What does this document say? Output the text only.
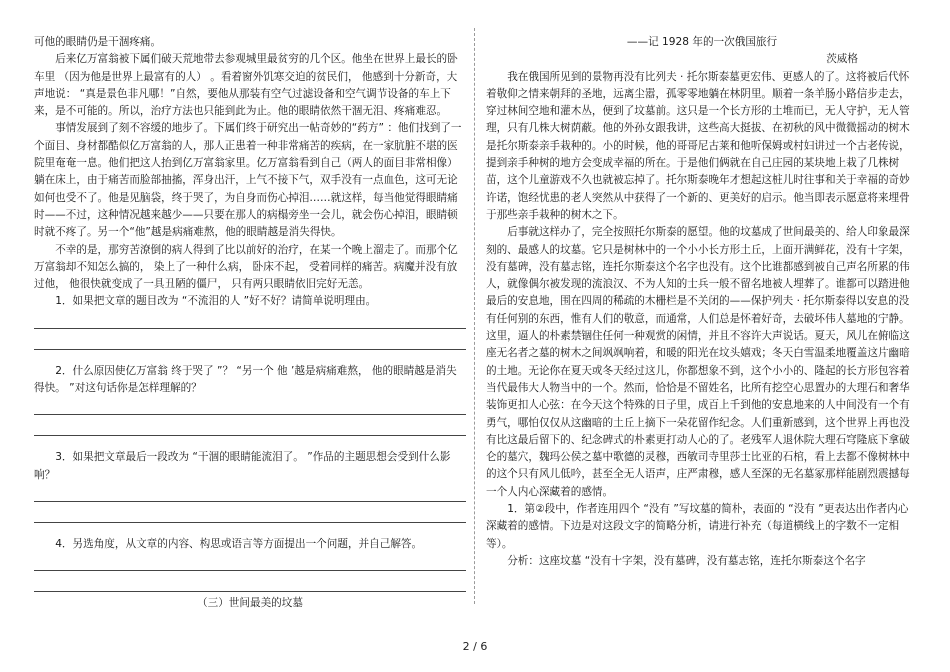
可他的眼睛仍是干涸疼痛。

后来亿万富翁被下属们破天荒地带去参观城里最贫穷的几个区。他坐在世界上最长的卧车里 （因为他是世界上最富有的人） 。看着窗外饥寒交迫的贫民们， 他感到十分新奇，大声地说： “真是景色非凡哪！”自然，要他从那装有空气过滤设备和空气调节设备的车上下来，是不可能的。所以，治疗方法也只能到此为止。他的眼睛依然干涸无泪、疼痛难忍。

事情发展到了刻不容缓的地步了。下属们终于研究出一帖奇妙的“药方” ：他们找到了一个面目、身材都酷似亿万富翁的人，那人正患着一种非常痛苦的疾病，在一家肮脏不堪的医院里奄奄一息。他们把这人抬到亿万富翁家里。亿万富翁看到自己（两人的面目非常相像）躺在床上，由于痛苦而脸部抽搐，浑身出汗，上气不接下气，双手没有一点血色，这可无论如何也受不了。他是见脑袋，终于哭了，为自身而伤心掉泪……就这样，每当他觉得眼睛痛时——不过，这种情况越来越少——只要在那人的病榻旁坐一会儿，就会伤心掉泪，眼睛顿时就不疼了。另一个“他”越是病痛难熬，他的眼睛越是消失得快。

不幸的是，那穷苦潦倒的病人得到了比以前好的治疗，在某一个晚上溜走了。而那个亿万富翁却不知怎么搞的， 染上了一种什么病， 卧床不起， 受着同样的痛苦。病魔并没有放过他， 他很快就变成了一具丑陋的僵尸， 只有两只眼睛依旧完好无恙。

1．如果把文章的题目改为 “不流泪的人 ”好不好？请简单说明理由。

2．什么原因使亿万富翁 终于哭了 ”？ “另一个 他 ’越是病痛难熬， 他的眼睛越是消失得快。 ”对这句话你是怎样理解的？

3．如果把文章最后一段改为 “干涸的眼睛能流泪了。 ”作品的主题思想会受到什么影响？

4．另选角度，从文章的内容、构思或语言等方面提出一个问题，并自己解答。

（三）世间最美的坟墓

——记 1928 年的一次俄国旅行

茨威格

我在俄国所见到的景物再没有比列夫 · 托尔斯泰墓更宏伟、更感人的了。这将被后代怀着敬仰之情来朝拜的圣地，远离尘嚣，孤零零地躺在林阴里。顺着一条羊肠小路信步走去，穿过林间空地和灌木丛，便到了坟墓前。这只是一个长方形的土堆而已，无人守护，无人管理，只有几株大树荫蔽。他的外孙女跟我讲，这些高大挺拔、在初秋的风中微微摇动的树木是托尔斯泰亲手栽种的。小的时候，他的哥哥尼古莱和他听保姆或村妇讲过一个古老传说， 提到亲手种树的地方会变成幸福的所在。于是他们俩就在自己庄园的某块地上栽了几株树苗，这个儿童游戏不久也就被忘掉了。托尔斯泰晚年才想起这桩儿时往事和关于幸福的奇妙许诺，饱经忧患的老人突然从中获得了一个新的、更美好的启示。他当即表示愿意将来埋骨于那些亲手栽种的树木之下。

后事就这样办了，完全按照托尔斯泰的愿望。他的坟墓成了世间最美的、给人印象最深刻的、最感人的坟墓。它只是树林中的一个小小长方形土丘，上面开满鲜花，没有十字架，没有墓碑，没有墓志铭，连托尔斯泰这个名字也没有。这个比谁都感到被自己声名所累的伟人，就像偶尔被发现的流浪汉、不为人知的士兵一般不留名地被人埋葬了。谁都可以踏进他最后的安息地，围在四周的稀疏的木栅栏是不关闭的——保护列夫 · 托尔斯泰得以安息的没有任何别的东西，惟有人们的敬意，而通常，人们总是怀着好奇，去破坏伟人墓地的宁静。这里，逼人的朴素禁锢住任何一种观赏的闲情，并且不容许大声说话。夏天，风儿在俯临这座无名者之墓的树木之间飒飒响着，和暖的阳光在坟头嬉戏；冬天白雪温柔地覆盖这片幽暗的土地。无论你在夏天或冬天经过这儿，你都想象不到，这个小小的、隆起的长方形包容着当代最伟大人物当中的一个。然而，恰恰是不留姓名，比所有挖空心思置办的大理石和奢华装饰更扣人心弦：在今天这个特殊的日子里，成百上千到他的安息地来的人中间没有一个有勇气，哪怕仅仅从这幽暗的土丘上摘下一朵花留作纪念。人们重新感到，这个世界上再也没有比这最后留下的、纪念碑式的朴素更打动人心的了。老残军人退休院大理石穹隆底下拿破仑的墓穴，魏玛公侯之墓中歌德的灵穆，西敏司寺里莎士比亚的石棺，看上去都不像树林中的这个只有风儿低吟，甚至全无人语声，庄严肃穆，感人至深的无名墓冢那样能剧烈震撼每一个人内心深藏着的感情。

1．第②段中，作者连用四个 “没有 ”写坟墓的简朴，表面的 “没有 ”更表达出作者内心深藏着的感情。下边是对这段文字的简略分析，请进行补充（每道横线上的字数不一定相等）。

分析：这座坟墓 “没有十字架，没有墓碑，没有墓志铭，连托尔斯泰这个名字

2 / 6
